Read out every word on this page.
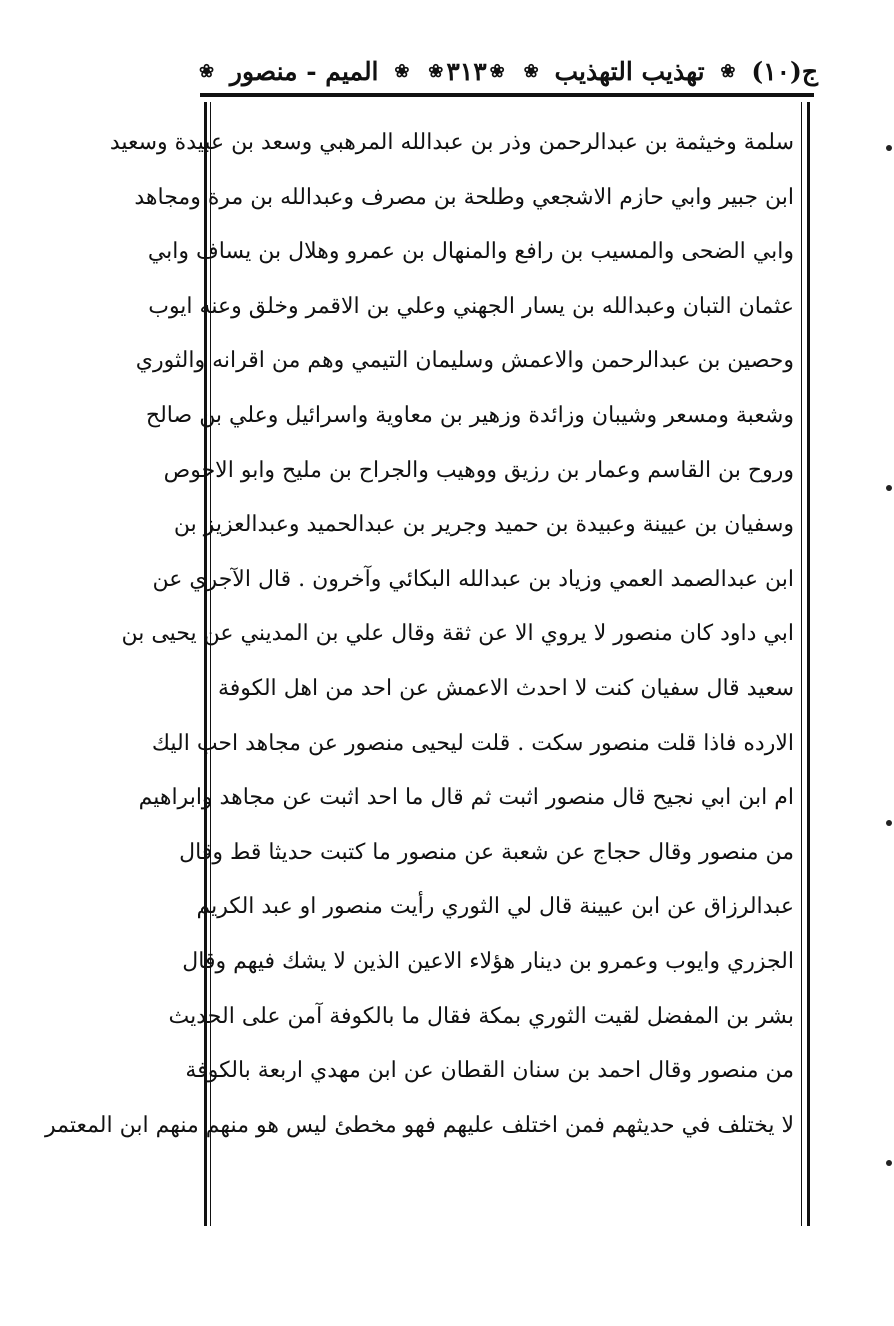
ج(١٠)
❀
تهذيب التهذيب
❀
❀
٣١٣
❀
❀
الميم - منصور
❀
سلمة وخيثمة بن عبدالرحمن وذر بن عبدالله المرهبي وسعد بن عبيدة وسعيد
ابن جبير وابي حازم الاشجعي وطلحة بن مصرف وعبدالله بن مرة ومجاهد
وابي الضحى والمسيب بن رافع والمنهال بن عمرو وهلال بن يساف وابي
عثمان التبان وعبدالله بن يسار الجهني وعلي بن الاقمر وخلق وعنه ايوب
وحصين بن عبدالرحمن والاعمش وسليمان التيمي وهم من اقرانه والثوري
وشعبة ومسعر وشيبان وزائدة وزهير بن معاوية واسرائيل وعلي بن صالح
وروح بن القاسم وعمار بن رزيق ووهيب والجراح بن مليح وابو الاحوص
وسفيان بن عيينة وعبيدة بن حميد وجرير بن عبدالحميد وعبدالعزيز بن
ابن عبدالصمد العمي وزياد بن عبدالله البكائي وآخرون . قال الآجري عن
ابي داود كان منصور لا يروي الا عن ثقة وقال علي بن المديني عن يحيى بن
سعيد قال سفيان كنت لا احدث الاعمش عن احد من اهل الكوفة
الارده فاذا قلت منصور سكت . قلت ليحيى منصور عن مجاهد احب اليك
ام ابن ابي نجيح قال منصور اثبت ثم قال ما احد اثبت عن مجاهد وابراهيم
من منصور وقال حجاج عن شعبة عن منصور ما كتبت حديثا قط وقال
عبدالرزاق عن ابن عيينة قال لي الثوري رأيت منصور او عبد الكريم
الجزري وايوب وعمرو بن دينار هؤلاء الاعين الذين لا يشك فيهم وقال
بشر بن المفضل لقيت الثوري بمكة فقال ما بالكوفة آمن على الحديث
من منصور وقال احمد بن سنان القطان عن ابن مهدي اربعة بالكوفة
لا يختلف في حديثهم فمن اختلف عليهم فهو مخطئ ليس هو منهم منهم ابن المعتمر
